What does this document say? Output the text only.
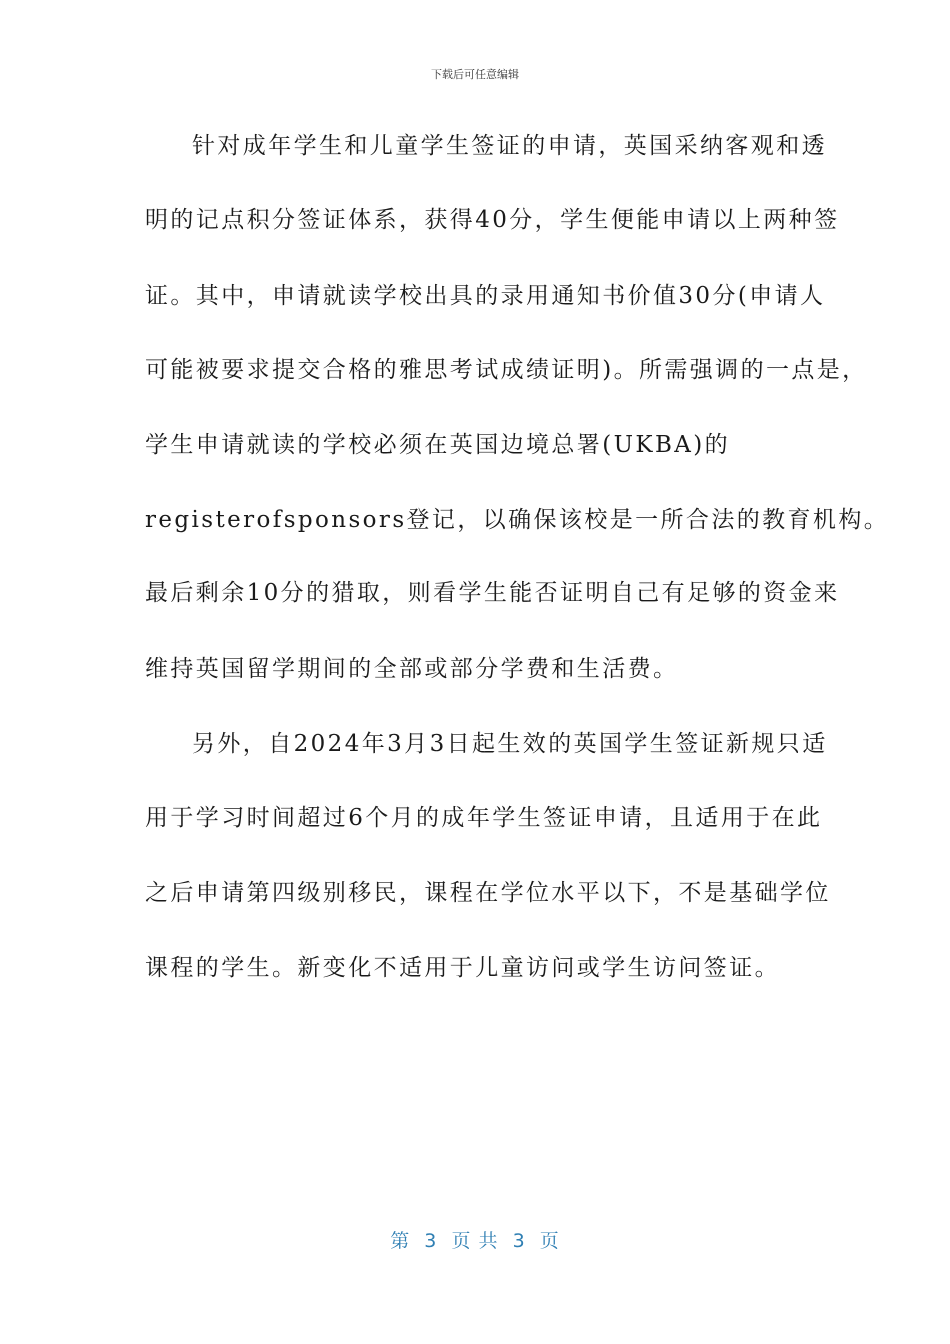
下载后可任意编辑
针对成年学生和儿童学生签证的申请，英国采纳客观和透
明的记点积分签证体系，获得40分，学生便能申请以上两种签
证。其中，申请就读学校出具的录用通知书价值30分(申请人
可能被要求提交合格的雅思考试成绩证明)。所需强调的一点是，
学生申请就读的学校必须在英国边境总署(UKBA)的
registerofsponsors登记，以确保该校是一所合法的教育机构。
最后剩余10分的猎取，则看学生能否证明自己有足够的资金来
维持英国留学期间的全部或部分学费和生活费。
另外，自2024年3月3日起生效的英国学生签证新规只适
用于学习时间超过6个月的成年学生签证申请，且适用于在此
之后申请第四级别移民，课程在学位水平以下，不是基础学位
课程的学生。新变化不适用于儿童访问或学生访问签证。
第  3  页 共  3  页
